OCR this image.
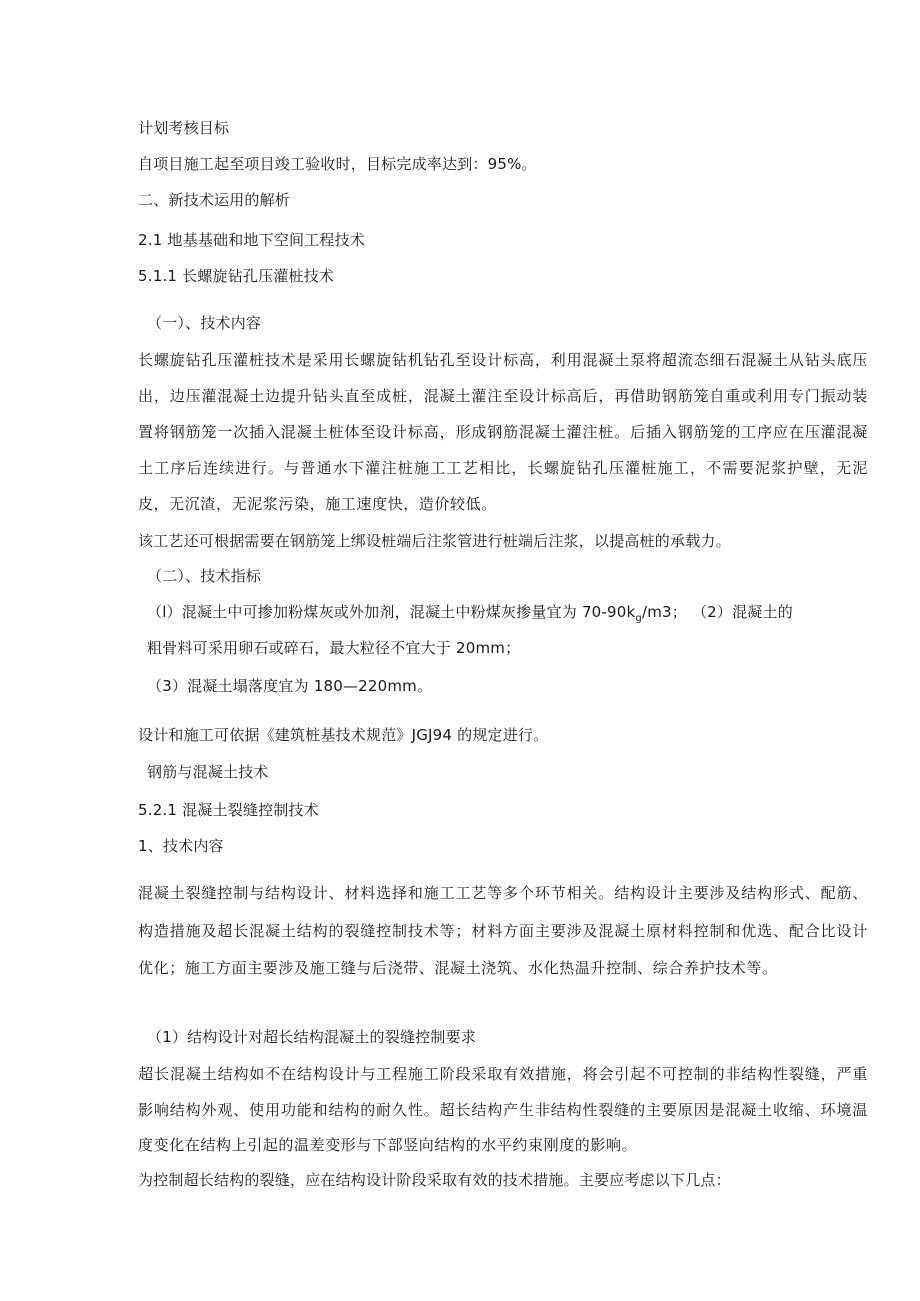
计划考核目标
自项目施工起至项目竣工验收时，目标完成率达到：95%。
二、新技术运用的解析
2.1 地基基础和地下空间工程技术
5.1.1 长螺旋钻孔压灌桩技术
（一）、技术内容
长螺旋钻孔压灌桩技术是采用长螺旋钻机钻孔至设计标高，利用混凝土泵将超流态细石混凝土从钻头底压出，边压灌混凝土边提升钻头直至成桩，混凝土灌注至设计标高后，再借助钢筋笼自重或利用专门振动装置将钢筋笼一次插入混凝土桩体至设计标高，形成钢筋混凝土灌注桩。后插入钢筋笼的工序应在压灌混凝土工序后连续进行。与普通水下灌注桩施工工艺相比，长螺旋钻孔压灌桩施工，不需要泥浆护壁，无泥皮，无沉渣，无泥浆污染，施工速度快，造价较低。
该工艺还可根据需要在钢筋笼上绑设桩端后注浆管进行桩端后注浆，以提高桩的承载力。
（二）、技术指标
（l）混凝土中可掺加粉煤灰或外加剂，混凝土中粉煤灰掺量宜为 $70-90k_g/m3$； （2）混凝土的
粗骨料可采用卵石或碎石，最大粒径不宜大于 20mm；
（3）混凝土塌落度宜为 180—220mm。
设计和施工可依据《建筑桩基技术规范》JGJ94 的规定进行。
钢筋与混凝土技术
5.2.1 混凝土裂缝控制技术
1、技术内容
混凝土裂缝控制与结构设计、材料选择和施工工艺等多个环节相关。结构设计主要涉及结构形式、配筋、构造措施及超长混凝土结构的裂缝控制技术等；材料方面主要涉及混凝土原材料控制和优选、配合比设计优化；施工方面主要涉及施工缝与后浇带、混凝土浇筑、水化热温升控制、综合养护技术等。
（1）结构设计对超长结构混凝土的裂缝控制要求
超长混凝土结构如不在结构设计与工程施工阶段采取有效措施，将会引起不可控制的非结构性裂缝，严重影响结构外观、使用功能和结构的耐久性。超长结构产生非结构性裂缝的主要原因是混凝土收缩、环境温度变化在结构上引起的温差变形与下部竖向结构的水平约束刚度的影响。
为控制超长结构的裂缝，应在结构设计阶段采取有效的技术措施。主要应考虑以下几点：
